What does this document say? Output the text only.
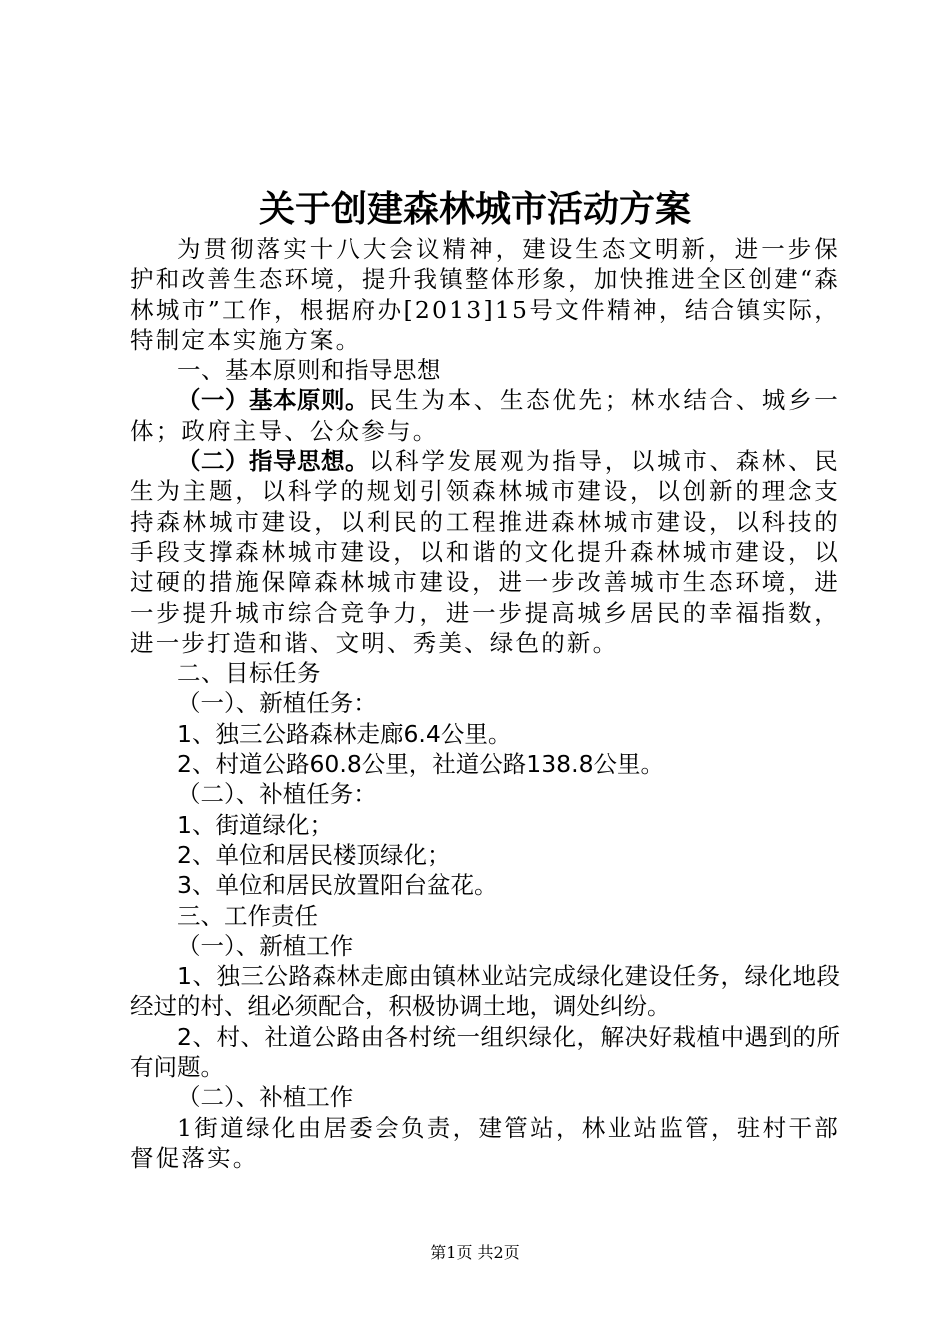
关于创建森林城市活动方案

为贯彻落实十八大会议精神，建设生态文明新，进一步保护和改善生态环境，提升我镇整体形象，加快推进全区创建“森林城市”工作，根据府办[2013]15号文件精神，结合镇实际，特制定本实施方案。

一、基本原则和指导思想

（一）基本原则。民生为本、生态优先；林水结合、城乡一体；政府主导、公众参与。

（二）指导思想。以科学发展观为指导，以城市、森林、民生为主题，以科学的规划引领森林城市建设，以创新的理念支持森林城市建设，以利民的工程推进森林城市建设，以科技的手段支撑森林城市建设，以和谐的文化提升森林城市建设，以过硬的措施保障森林城市建设，进一步改善城市生态环境，进一步提升城市综合竞争力，进一步提高城乡居民的幸福指数，进一步打造和谐、文明、秀美、绿色的新。

二、目标任务

（一）、新植任务：

1、独三公路森林走廊6.4公里。

2、村道公路60.8公里，社道公路138.8公里。

（二）、补植任务：

1、街道绿化；

2、单位和居民楼顶绿化；

3、单位和居民放置阳台盆花。

三、工作责任

（一）、新植工作

1、独三公路森林走廊由镇林业站完成绿化建设任务，绿化地段经过的村、组必须配合，积极协调土地，调处纠纷。

2、村、社道公路由各村统一组织绿化，解决好栽植中遇到的所有问题。

（二）、补植工作

1街道绿化由居委会负责，建管站，林业站监管，驻村干部督促落实。

第1页 共2页
